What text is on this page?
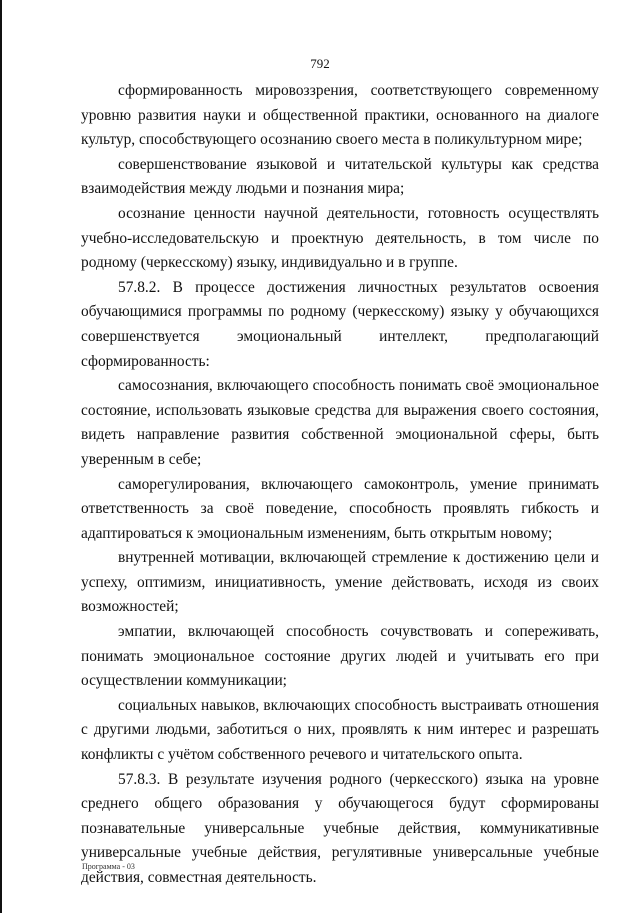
792

сформированность мировоззрения, соответствующего современному уровню развития науки и общественной практики, основанного на диалоге культур, способствующего осознанию своего места в поликультурном мире;

совершенствование языковой и читательской культуры как средства взаимодействия между людьми и познания мира;

осознание ценности научной деятельности, готовность осуществлять учебно-исследовательскую и проектную деятельность, в том числе по родному (черкесскому) языку, индивидуально и в группе.

57.8.2. В процессе достижения личностных результатов освоения обучающимися программы по родному (черкесскому) языку у обучающихся совершенствуется эмоциональный интеллект, предполагающий сформированность:

самосознания, включающего способность понимать своё эмоциональное состояние, использовать языковые средства для выражения своего состояния, видеть направление развития собственной эмоциональной сферы, быть уверенным в себе;

саморегулирования, включающего самоконтроль, умение принимать ответственность за своё поведение, способность проявлять гибкость и адаптироваться к эмоциональным изменениям, быть открытым новому;

внутренней мотивации, включающей стремление к достижению цели и успеху, оптимизм, инициативность, умение действовать, исходя из своих возможностей;

эмпатии, включающей способность сочувствовать и сопереживать, понимать эмоциональное состояние других людей и учитывать его при осуществлении коммуникации;

социальных навыков, включающих способность выстраивать отношения с другими людьми, заботиться о них, проявлять к ним интерес и разрешать конфликты с учётом собственного речевого и читательского опыта.

57.8.3. В результате изучения родного (черкесского) языка на уровне среднего общего образования у обучающегося будут сформированы познавательные универсальные учебные действия, коммуникативные универсальные учебные действия, регулятивные универсальные учебные действия, совместная деятельность.

Программа - 03
